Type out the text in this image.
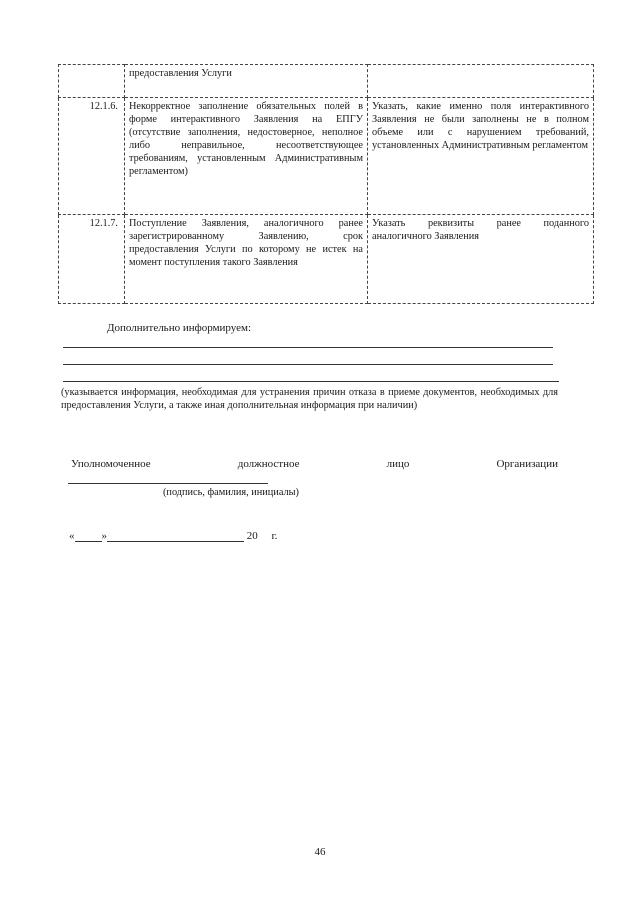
	предоставления Услуги	
12.1.6.	Некорректное заполнение обязательных полей в форме интерактивного Заявления на ЕПГУ (отсутствие заполнения, недостоверное, неполное либо неправильное, несоответствующее требованиям, установленным Административным регламентом)	Указать, какие именно поля интерактивного Заявления не были заполнены не в полном объеме или с нарушением требований, установленных Административным регламентом
12.1.7.	Поступление Заявления, аналогичного ранее зарегистрированному Заявлению, срок предоставления Услуги по которому не истек на момент поступления такого Заявления	Указать реквизиты ранее поданного аналогичного Заявления
Дополнительно информируем:
(указывается информация, необходимая для устранения причин отказа в приеме документов, необходимых для предоставления Услуги, а также иная дополнительная информация при наличии)
Уполномоченное	должностное	лицо	Организации
(подпись, фамилия, инициалы)
« »	20 г.
46
